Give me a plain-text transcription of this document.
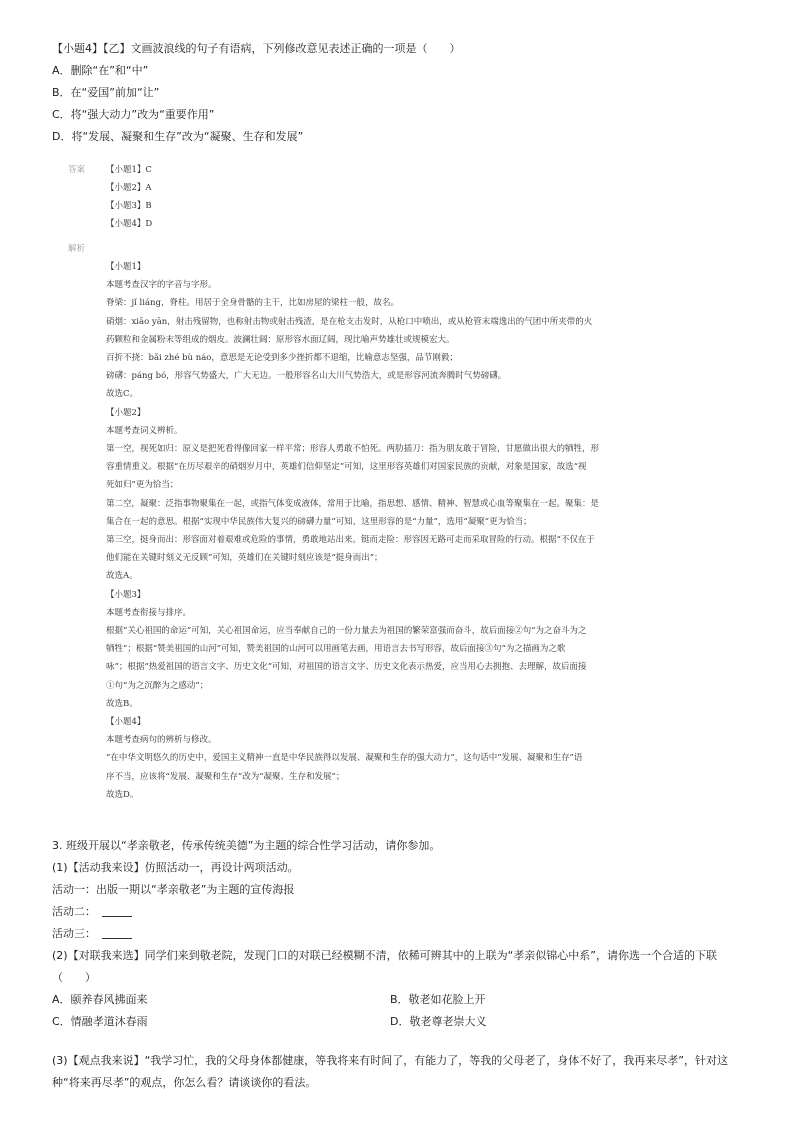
【小题4】【乙】文画波浪线的句子有语病，下列修改意见表述正确的一项是（　　）
A．删除“在”和“中”
B．在“爱国”前加“让”
C．将“强大动力”改为“重要作用”
D．将“发展、凝聚和生存”改为“凝聚、生存和发展”
答案 【小题1】C
【小题2】A
【小题3】B
【小题4】D
解析
【小题1】
本题考查汉字的字音与字形。
脊梁：jǐ liáng，脊柱。用居于全身骨骼的主干，比如房屋的梁柱一般，故名。
硝烟：xiāo yān，射击残留物，也称射击物或射击残渣，是在枪支击发时，从枪口中喷出，或从枪管末端逸出的气团中所夹带的火
药颗粒和金属粉末等组成的烟皮。波澜壮阔：原形容水面辽阔，现比喻声势雄壮或规模宏大。
百折不挠：bǎi zhé bù náo，意思是无论受到多少挫折都不退缩，比喻意志坚强，品节刚毅；
磅礴：páng bó，形容气势盛大，广大无边。一般形容名山大川气势浩大，或是形容河流奔腾时气势磅礴。
故选C。
【小题2】
本题考查词义辨析。
第一空，视死如归：原义是把死看得像回家一样平常；形容人勇敢不怕死。两肋插刀：指为朋友敢于冒险，甘愿做出很大的牺牲，形
容重情重义。根据“在历尽艰辛的硝烟岁月中，英雄们信仰坚定”可知，这里形容英雄们对国家民族的贡献，对象是国家，故选“视
死如归”更为恰当；
第二空，凝聚：泛指事物聚集在一起，或指气体变成液体，常用于比喻，指思想、感情、精神、智慧或心血等聚集在一起。聚集：是
集合在一起的意思。根据“实现中华民族伟大复兴的磅礴力量”可知，这里形容的是“力量”，选用“凝聚”更为恰当；
第三空，挺身而出：形容面对着艰难或危险的事情，勇敢地站出来。铤而走险：形容因无路可走而采取冒险的行动。根据“不仅在于
他们能在关键时刻义无反顾”可知，英雄们在关键时刻应该是“挺身而出”；
故选A。
【小题3】
本题考查衔接与排序。
根据“关心祖国的命运”可知，关心祖国命运，应当奉献自己的一份力量去为祖国的繁荣富强而奋斗，故后面接②句“为之奋斗为之
牺牲”；根据“赞美祖国的山河”可知，赞美祖国的山河可以用画笔去画，用语言去书写形容，故后面接③句“为之描画为之歌
咏”；根据“热爱祖国的语言文字、历史文化”可知，对祖国的语言文字、历史文化表示热爱，应当用心去拥抱、去理解，故后面接
①句“为之沉醉为之感动”；
故选B。
【小题4】
本题考查病句的辨析与修改。
“在中华文明悠久的历史中，爱国主义精神一直是中华民族得以发展、凝聚和生存的强大动力”，这句话中“发展、凝聚和生存”语
序不当，应该将“发展、凝聚和生存”改为“凝聚、生存和发展”；
故选D。
3. 班级开展以“孝亲敬老，传承传统美德”为主题的综合性学习活动，请你参加。
(1)【活动我来设】仿照活动一，再设计两项活动。
活动一：出版一期以“孝亲敬老”为主题的宣传海报
活动二：
活动三：
(2)【对联我来选】同学们来到敬老院，发现门口的对联已经模糊不清，依稀可辨其中的上联为“孝亲似锦心中系”，请你选一个合适的下联
（　　）
A．颐养春风拂面来	B．敬老如花脸上开
C．情融孝道沐春雨	D．敬老尊老崇大义
(3)【观点我来说】“我学习忙，我的父母身体都健康，等我将来有时间了，有能力了，等我的父母老了，身体不好了，我再来尽孝”，针对这
种“将来再尽孝”的观点，你怎么看？请谈谈你的看法。
